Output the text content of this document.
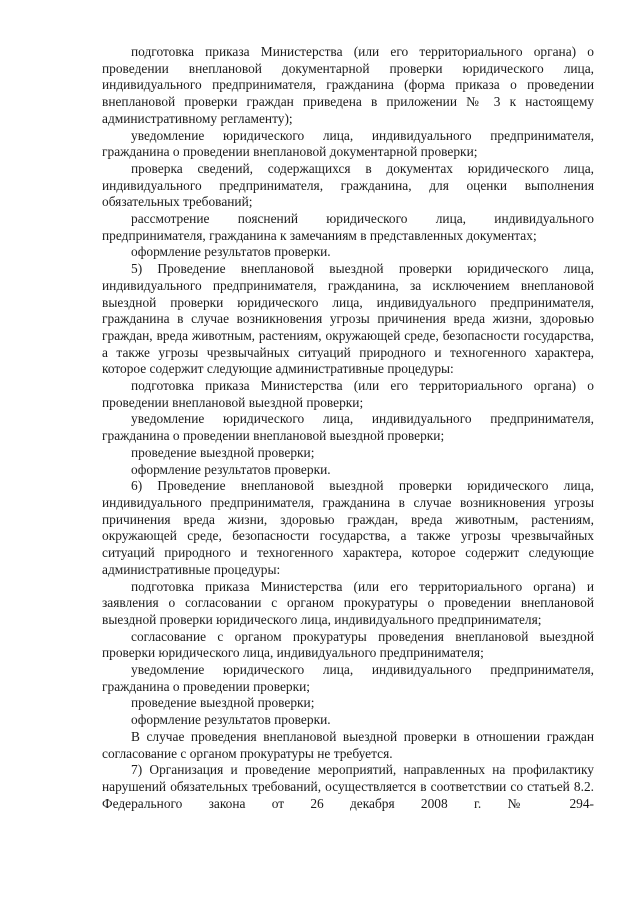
подготовка приказа Министерства (или его территориального органа) о проведении внеплановой документарной проверки юридического лица, индивидуального предпринимателя, гражданина (форма приказа о проведении внеплановой проверки граждан приведена в приложении № 3 к настоящему административному регламенту);

уведомление юридического лица, индивидуального предпринимателя, гражданина о проведении внеплановой документарной проверки;

проверка сведений, содержащихся в документах юридического лица, индивидуального предпринимателя, гражданина, для оценки выполнения обязательных требований;

рассмотрение пояснений юридического лица, индивидуального предпринимателя, гражданина к замечаниям в представленных документах;

оформление результатов проверки.

5) Проведение внеплановой выездной проверки юридического лица, индивидуального предпринимателя, гражданина, за исключением внеплановой выездной проверки юридического лица, индивидуального предпринимателя, гражданина в случае возникновения угрозы причинения вреда жизни, здоровью граждан, вреда животным, растениям, окружающей среде, безопасности государства, а также угрозы чрезвычайных ситуаций природного и техногенного характера, которое содержит следующие административные процедуры:

подготовка приказа Министерства (или его территориального органа) о проведении внеплановой выездной проверки;

уведомление юридического лица, индивидуального предпринимателя, гражданина о проведении внеплановой выездной проверки;

проведение выездной проверки;

оформление результатов проверки.

6) Проведение внеплановой выездной проверки юридического лица, индивидуального предпринимателя, гражданина в случае возникновения угрозы причинения вреда жизни, здоровью граждан, вреда животным, растениям, окружающей среде, безопасности государства, а также угрозы чрезвычайных ситуаций природного и техногенного характера, которое содержит следующие административные процедуры:

подготовка приказа Министерства (или его территориального органа) и заявления о согласовании с органом прокуратуры о проведении внеплановой выездной проверки юридического лица, индивидуального предпринимателя;

согласование с органом прокуратуры проведения внеплановой выездной проверки юридического лица, индивидуального предпринимателя;

уведомление юридического лица, индивидуального предпринимателя, гражданина о проведении проверки;

проведение выездной проверки;

оформление результатов проверки.

В случае проведения внеплановой выездной проверки в отношении граждан согласование с органом прокуратуры не требуется.

7) Организация и проведение мероприятий, направленных на профилактику нарушений обязательных требований, осуществляется в соответствии со статьей 8.2. Федерального закона от 26 декабря 2008 г. № 294-
